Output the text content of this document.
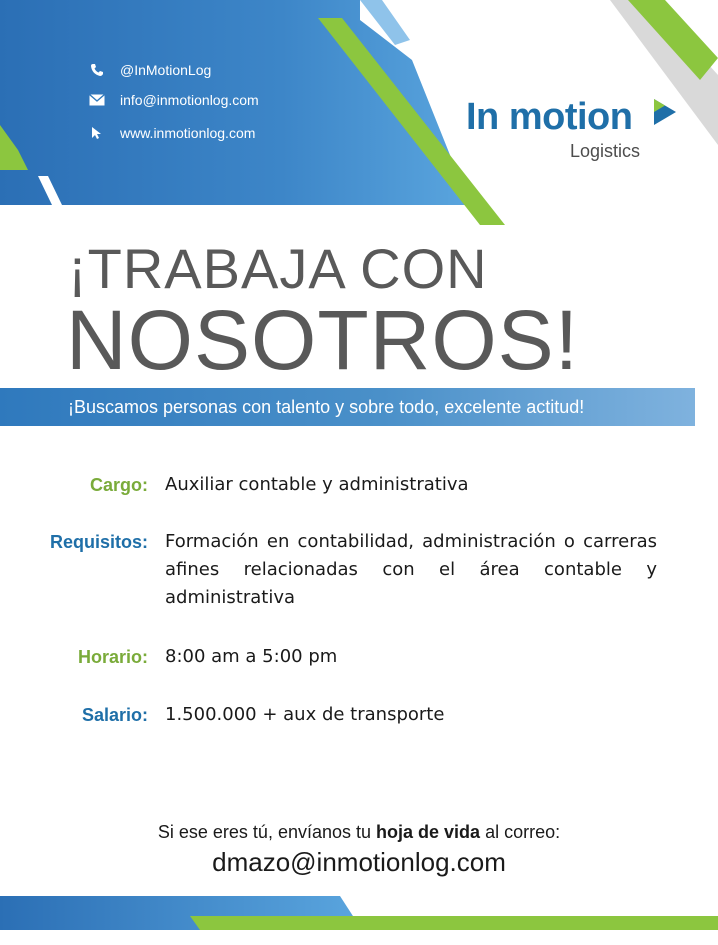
@InMotionLog
info@inmotionlog.com
www.inmotionlog.com	In motion
Logistics
¡TRABAJA CON
NOSOTROS!
¡Buscamos personas con talento y sobre todo, excelente actitud!
Cargo: Auxiliar contable y administrativa
Requisitos: Formación en contabilidad, administración o carreras afines relacionadas con el área contable y administrativa
Horario: 8:00 am a 5:00 pm
Salario: 1.500.000 + aux de transporte
Si ese eres tú, envíanos tu hoja de vida al correo:
dmazo@inmotionlog.com
